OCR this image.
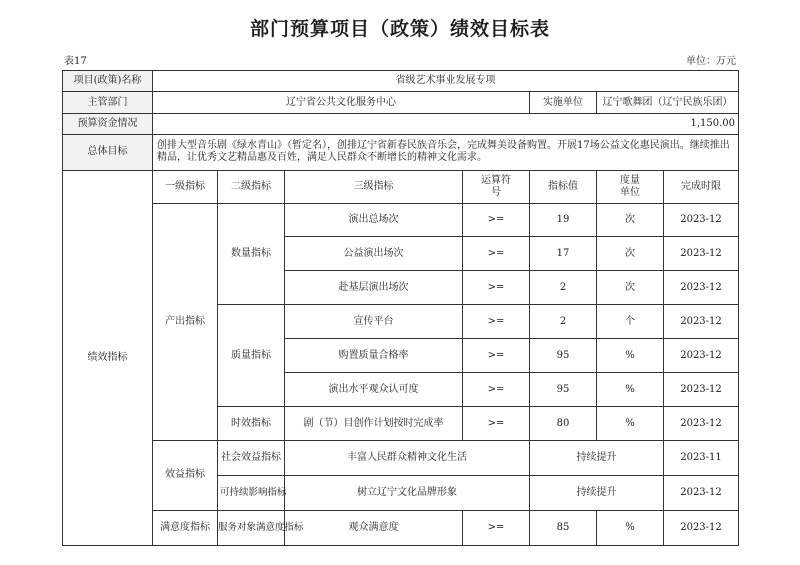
部门预算项目（政策）绩效目标表
表17	单位：万元
项目(政策)名称	省级艺术事业发展专项						
主管部门	辽宁省公共文化服务中心				实施单位	辽宁歌舞团（辽宁民族乐团）	
预算资金情况	1,150.00						
总体目标	创排大型音乐剧《绿水青山》（暂定名），创排辽宁省新春民族音乐会，完成舞美设备购置。开展17场公益文化惠民演出。继续推出精品，让优秀文艺精品惠及百姓，满足人民群众不断增长的精神文化需求。						
绩效指标	一级指标	二级指标	三级指标	运算符号	指标值	度量单位	完成时限
	产出指标	数量指标	演出总场次	>=	19	次	2023-12
			公益演出场次	>=	17	次	2023-12
			赴基层演出场次	>=	2	次	2023-12
		质量指标	宣传平台	>=	2	个	2023-12
			购置质量合格率	>=	95	%	2023-12
			演出水平观众认可度	>=	95	%	2023-12
		时效指标	剧（节）目创作计划按时完成率	>=	80	%	2023-12
	效益指标	社会效益指标	丰富人民群众精神文化生活		持续提升		2023-11
		可持续影响指标	树立辽宁文化品牌形象		持续提升		2023-12
	满意度指标	服务对象满意度指标	观众满意度	>=	85	%	2023-12
